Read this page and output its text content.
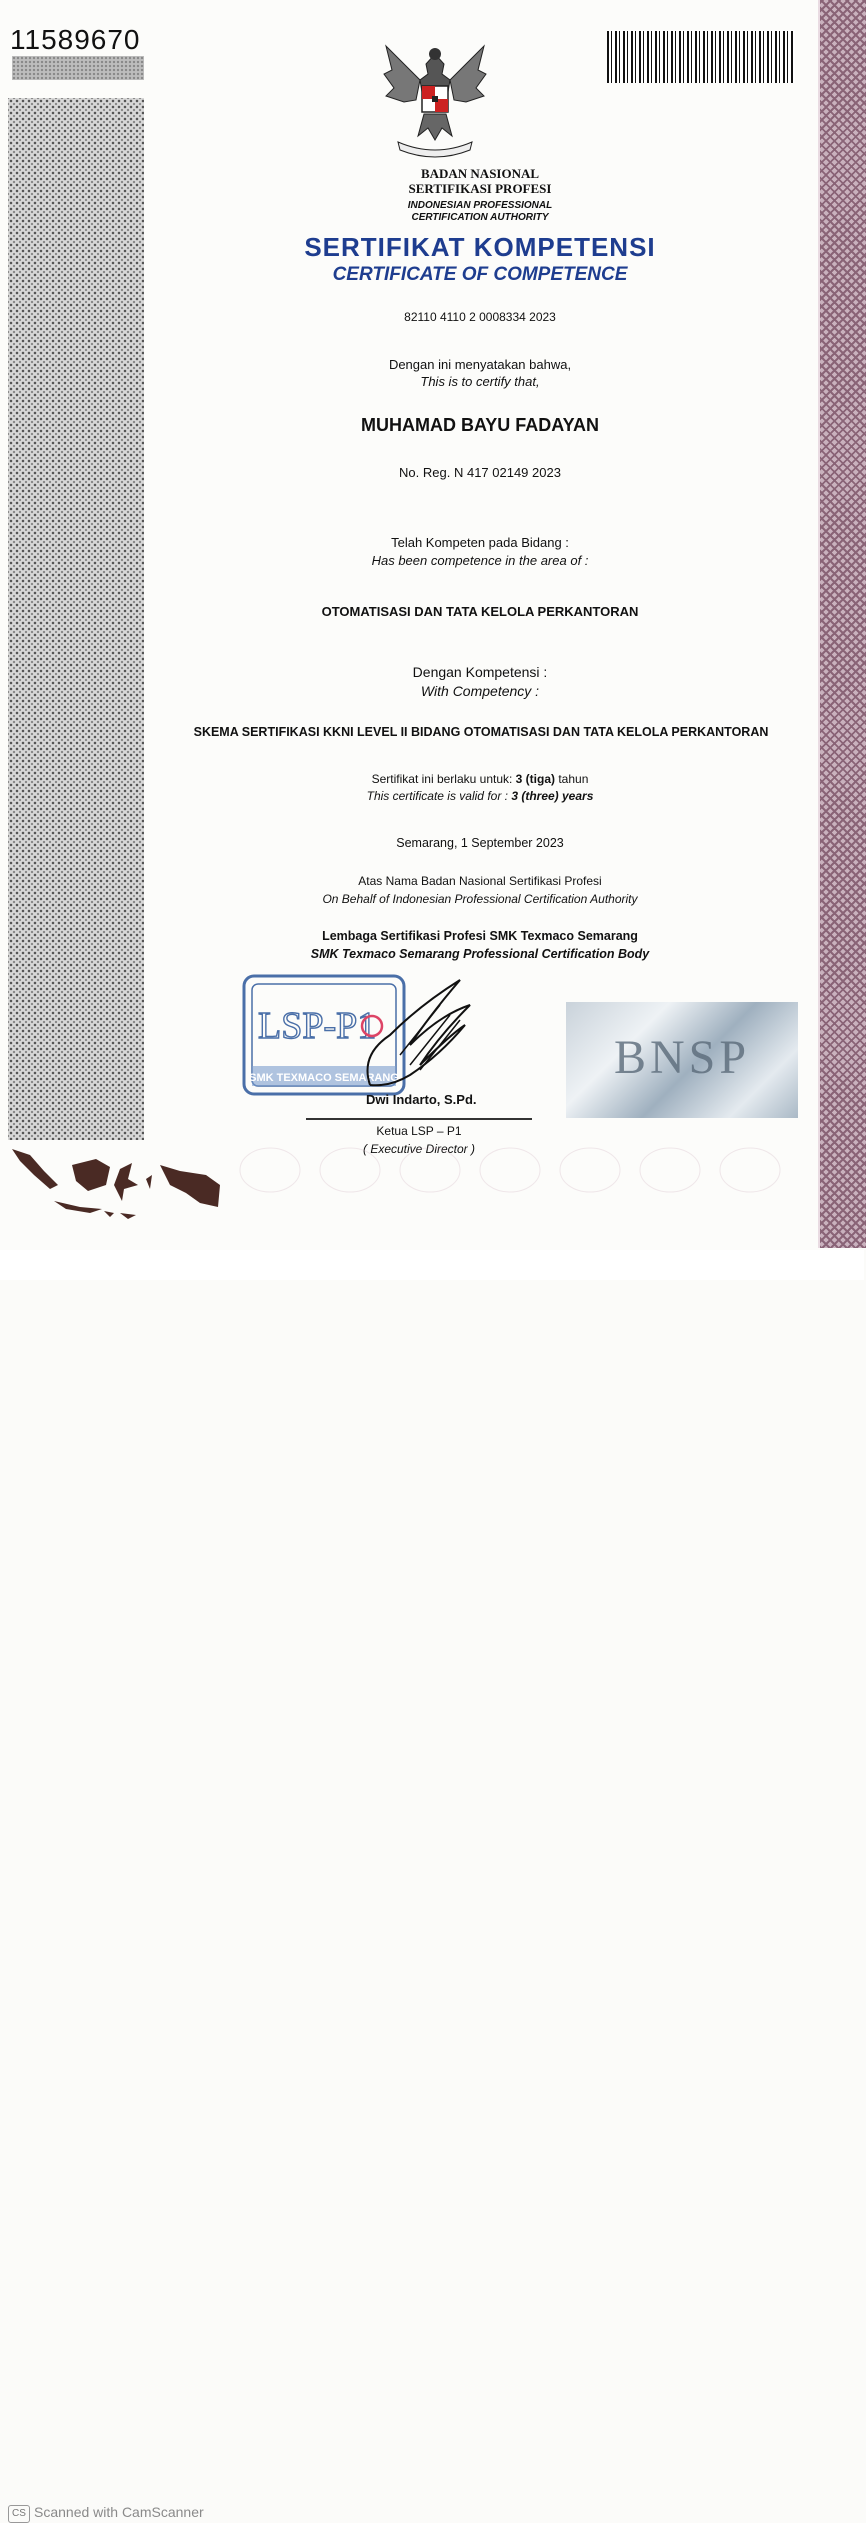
11589670
BADAN NASIONAL
SERTIFIKASI PROFESI
INDONESIAN PROFESSIONAL
CERTIFICATION AUTHORITY
SERTIFIKAT KOMPETENSI
CERTIFICATE OF COMPETENCE
82110 4110 2 0008334 2023
Dengan ini menyatakan bahwa,
This is to certify that,
MUHAMAD BAYU FADAYAN
No. Reg. N 417 02149 2023
Telah Kompeten pada Bidang :
Has been competence in the area of :
OTOMATISASI DAN TATA KELOLA PERKANTORAN
Dengan Kompetensi :
With Competency :
SKEMA SERTIFIKASI KKNI LEVEL II BIDANG OTOMATISASI DAN TATA KELOLA PERKANTORAN
Sertifikat ini berlaku untuk: 3 (tiga) tahun
This certificate is valid for : 3 (three) years
Semarang, 1 September 2023
Atas Nama Badan Nasional Sertifikasi Profesi
On Behalf of Indonesian Professional Certification Authority
Lembaga Sertifikasi Profesi SMK Texmaco Semarang
SMK Texmaco Semarang Professional Certification Body
LSP-P1
SMK TEXMACO SEMARANG
Dwi Indarto, S.Pd.
Ketua LSP – P1
( Executive Director )
BNSP
CS Scanned with CamScanner
